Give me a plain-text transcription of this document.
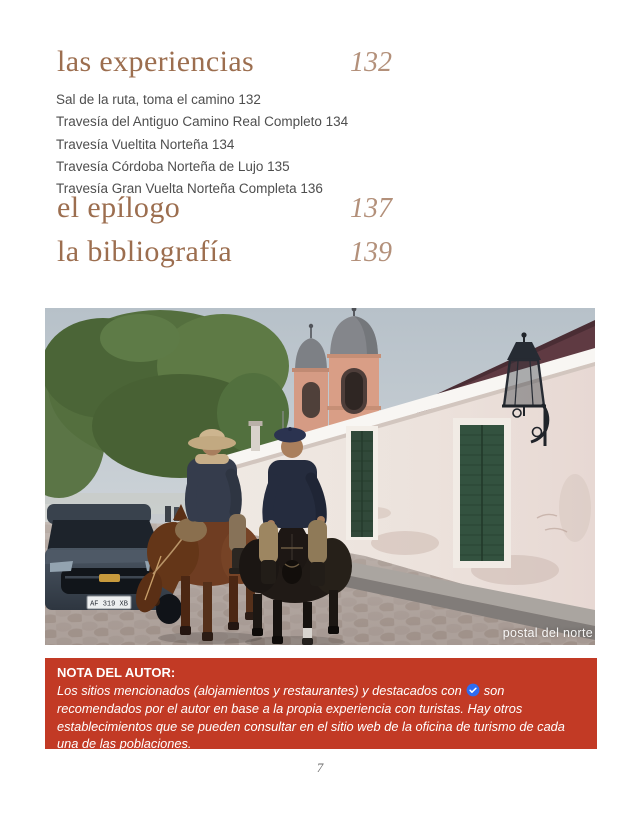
las experiencias	132
Sal de la ruta, toma el camino 132
Travesía del Antiguo Camino Real Completo 134
Travesía Vueltita Norteña 134
Travesía Córdoba Norteña de Lujo 135
Travesía Gran Vuelta Norteña Completa 136
el epílogo	137
la bibliografía	139
AF 319 XB
postal del norte

NOTA DEL AUTOR:

Los sitios mencionados (alojamientos y restaurantes) y destacados con son recomendados por el autor en base a la propia experiencia con turistas. Hay otros establecimientos que se pueden consultar en el sitio web de la oficina de turismo de cada una de las poblaciones.

7
